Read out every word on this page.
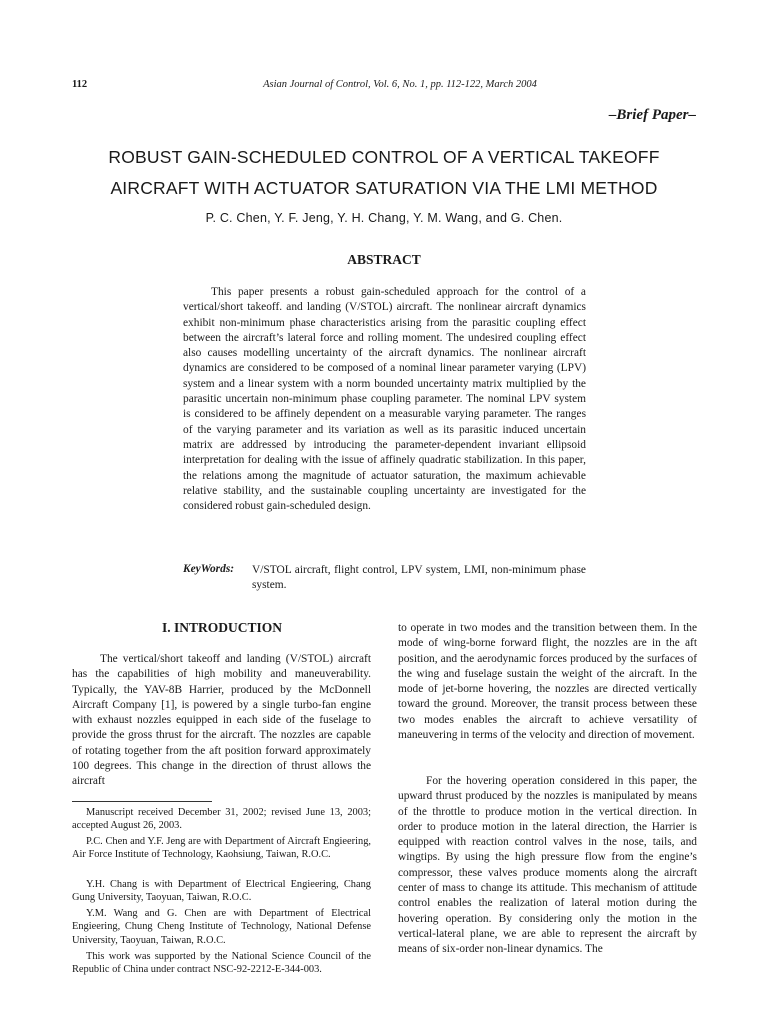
112	Asian Journal of Control, Vol. 6, No. 1, pp. 112-122, March 2004
–Brief Paper–
ROBUST GAIN-SCHEDULED CONTROL OF A VERTICAL TAKEOFF
AIRCRAFT WITH ACTUATOR SATURATION VIA THE LMI METHOD
P. C. Chen, Y. F. Jeng, Y. H. Chang, Y. M. Wang, and G. Chen.
ABSTRACT

This paper presents a robust gain-scheduled approach for the control of a vertical/short takeoff. and landing (V/STOL) aircraft. The nonlinear aircraft dynamics exhibit non-minimum phase characteristics arising from the parasitic coupling effect between the aircraft’s lateral force and rolling moment. The undesired coupling effect also causes modelling uncertainty of the aircraft dynamics. The nonlinear aircraft dynamics are considered to be composed of a nominal linear parameter varying (LPV) system and a linear system with a norm bounded uncertainty matrix multiplied by the parasitic uncertain non-minimum phase coupling parameter. The nominal LPV system is considered to be affinely dependent on a measurable varying parameter. The ranges of the varying parameter and its variation as well as its parasitic induced uncertain matrix are addressed by introducing the parameter-dependent invariant ellipsoid interpretation for dealing with the issue of affinely quadratic stabilization. In this paper, the relations among the magnitude of actuator saturation, the maximum achievable relative stability, and the sustainable coupling uncertainty are investigated for the considered robust gain-scheduled design.

KeyWords: V/STOL aircraft, flight control, LPV system, LMI, non-minimum phase system.

I. INTRODUCTION

The vertical/short takeoff and landing (V/STOL) aircraft has the capabilities of high mobility and maneuverability. Typically, the YAV-8B Harrier, produced by the McDonnell Aircraft Company [1], is powered by a single turbo-fan engine with exhaust nozzles equipped in each side of the fuselage to provide the gross thrust for the aircraft. The nozzles are capable of rotating together from the aft position forward approximately 100 degrees. This change in the direction of thrust allows the aircraft

to operate in two modes and the transition between them. In the mode of wing-borne forward flight, the nozzles are in the aft position, and the aerodynamic forces produced by the surfaces of the wing and fuselage sustain the weight of the aircraft. In the mode of jet-borne hovering, the nozzles are directed vertically toward the ground. Moreover, the transit process between these two modes enables the aircraft to achieve versatility of maneuvering in terms of the velocity and direction of movement.

For the hovering operation considered in this paper, the upward thrust produced by the nozzles is manipulated by means of the throttle to produce motion in the vertical direction. In order to produce motion in the lateral direction, the Harrier is equipped with reaction control valves in the nose, tails, and wingtips. By using the high pressure flow from the engine’s compressor, these valves produce moments along the aircraft center of mass to change its attitude. This mechanism of attitude control enables the realization of lateral motion during the hovering operation. By considering only the motion in the vertical-lateral plane, we are able to represent the aircraft by means of six-order non-linear dynamics. The

Manuscript received December 31, 2002; revised June 13, 2003; accepted August 26, 2003.

P.C. Chen and Y.F. Jeng are with Department of Aircraft Engieering, Air Force Institute of Technology, Kaohsiung, Taiwan, R.O.C.

Y.H. Chang is with Department of Electrical Engieering, Chang Gung University, Taoyuan, Taiwan, R.O.C.

Y.M. Wang and G. Chen are with Department of Electrical Engieering, Chung Cheng Institute of Technology, National Defense University, Taoyuan, Taiwan, R.O.C.

This work was supported by the National Science Council of the Republic of China under contract NSC-92-2212-E-344-003.
